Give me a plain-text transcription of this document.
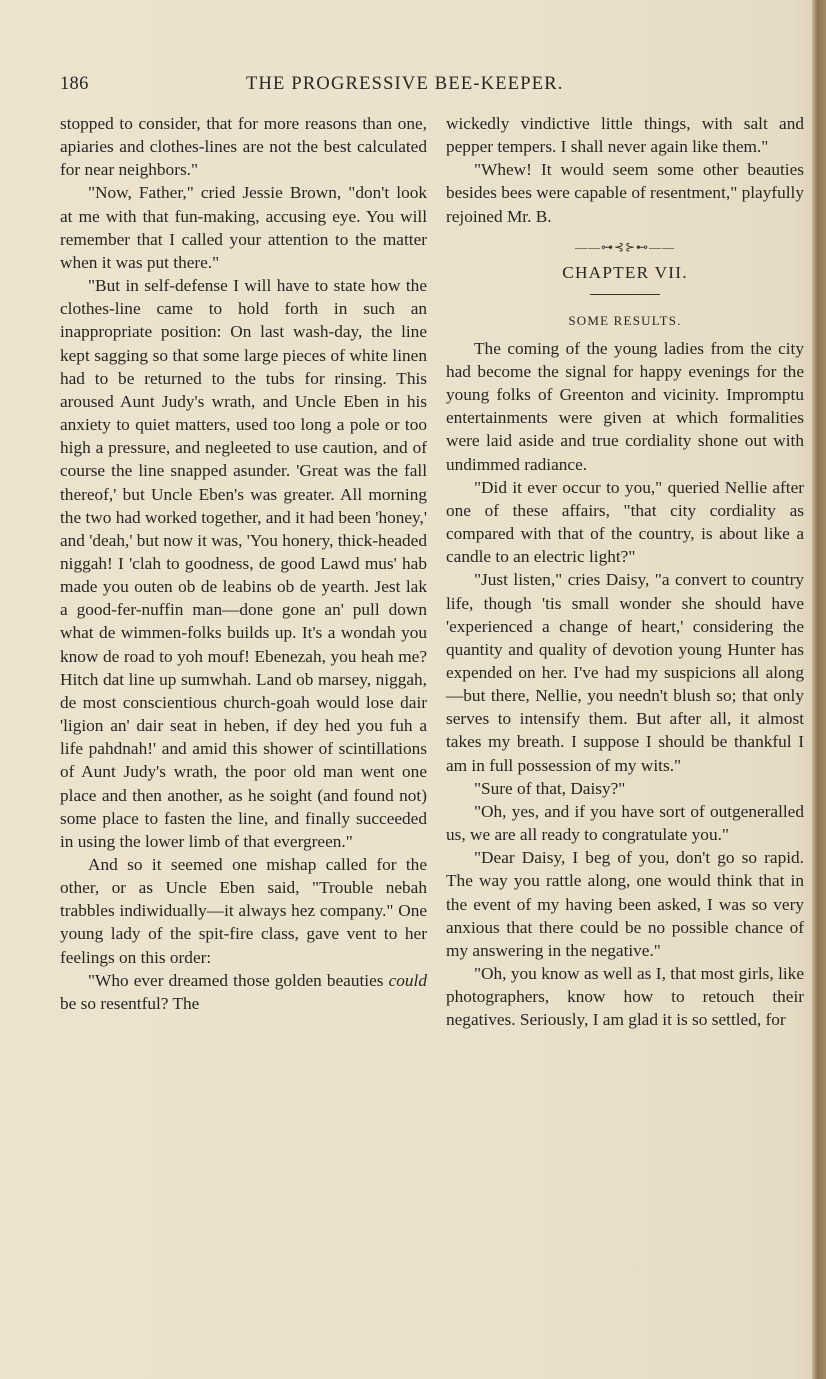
186	THE PROGRESSIVE BEE-KEEPER.

stopped to consider, that for more reasons than one, apiaries and clothes-lines are not the best calculated for near neighbors."

"Now, Father," cried Jessie Brown, "don't look at me with that fun-making, accusing eye. You will remember that I called your attention to the matter when it was put there."

"But in self-defense I will have to state how the clothes-line came to hold forth in such an inappropriate position: On last wash-day, the line kept sagging so that some large pieces of white linen had to be returned to the tubs for rinsing. This aroused Aunt Judy's wrath, and Uncle Eben in his anxiety to quiet matters, used too long a pole or too high a pressure, and negleeted to use caution, and of course the line snapped asunder. 'Great was the fall thereof,' but Uncle Eben's was greater. All morning the two had worked together, and it had been 'honey,' and 'deah,' but now it was, 'You honery, thick-headed niggah! I 'clah to goodness, de good Lawd mus' hab made you outen ob de leabins ob de yearth. Jest lak a good-fer-nuffin man—done gone an' pull down what de wimmen-folks builds up. It's a wondah you know de road to yoh mouf! Ebenezah, you heah me? Hitch dat line up sumwhah. Land ob marsey, niggah, de most conscientious church-goah would lose dair 'ligion an' dair seat in heben, if dey hed you fuh a life pahdnah!' and amid this shower of scintillations of Aunt Judy's wrath, the poor old man went one place and then another, as he soight (and found not) some place to fasten the line, and finally succeeded in using the lower limb of that evergreen."

And so it seemed one mishap called for the other, or as Uncle Eben said, "Trouble nebah trabbles indiwidually—it always hez company." One young lady of the spit-fire class, gave vent to her feelings on this order:

"Who ever dreamed those golden beauties could be so resentful? The

wickedly vindictive little things, with salt and pepper tempers. I shall never again like them."

"Whew! It would seem some other beauties besides bees were capable of resentment," playfully rejoined Mr. B.

——⊶⊰⊱⊷——
CHAPTER VII.
SOME RESULTS.

The coming of the young ladies from the city had become the signal for happy evenings for the young folks of Greenton and vicinity. Impromptu entertainments were given at which formalities were laid aside and true cordiality shone out with undimmed radiance.

"Did it ever occur to you," queried Nellie after one of these affairs, "that city cordiality as compared with that of the country, is about like a candle to an electric light?"

"Just listen," cries Daisy, "a convert to country life, though 'tis small wonder she should have 'experienced a change of heart,' considering the quantity and quality of devotion young Hunter has expended on her. I've had my suspicions all along—but there, Nellie, you needn't blush so; that only serves to intensify them. But after all, it almost takes my breath. I suppose I should be thankful I am in full possession of my wits."

"Sure of that, Daisy?"

"Oh, yes, and if you have sort of outgeneralled us, we are all ready to congratulate you."

"Dear Daisy, I beg of you, don't go so rapid. The way you rattle along, one would think that in the event of my having been asked, I was so very anxious that there could be no possible chance of my answering in the negative."

"Oh, you know as well as I, that most girls, like photographers, know how to retouch their negatives. Seriously, I am glad it is so settled, for
